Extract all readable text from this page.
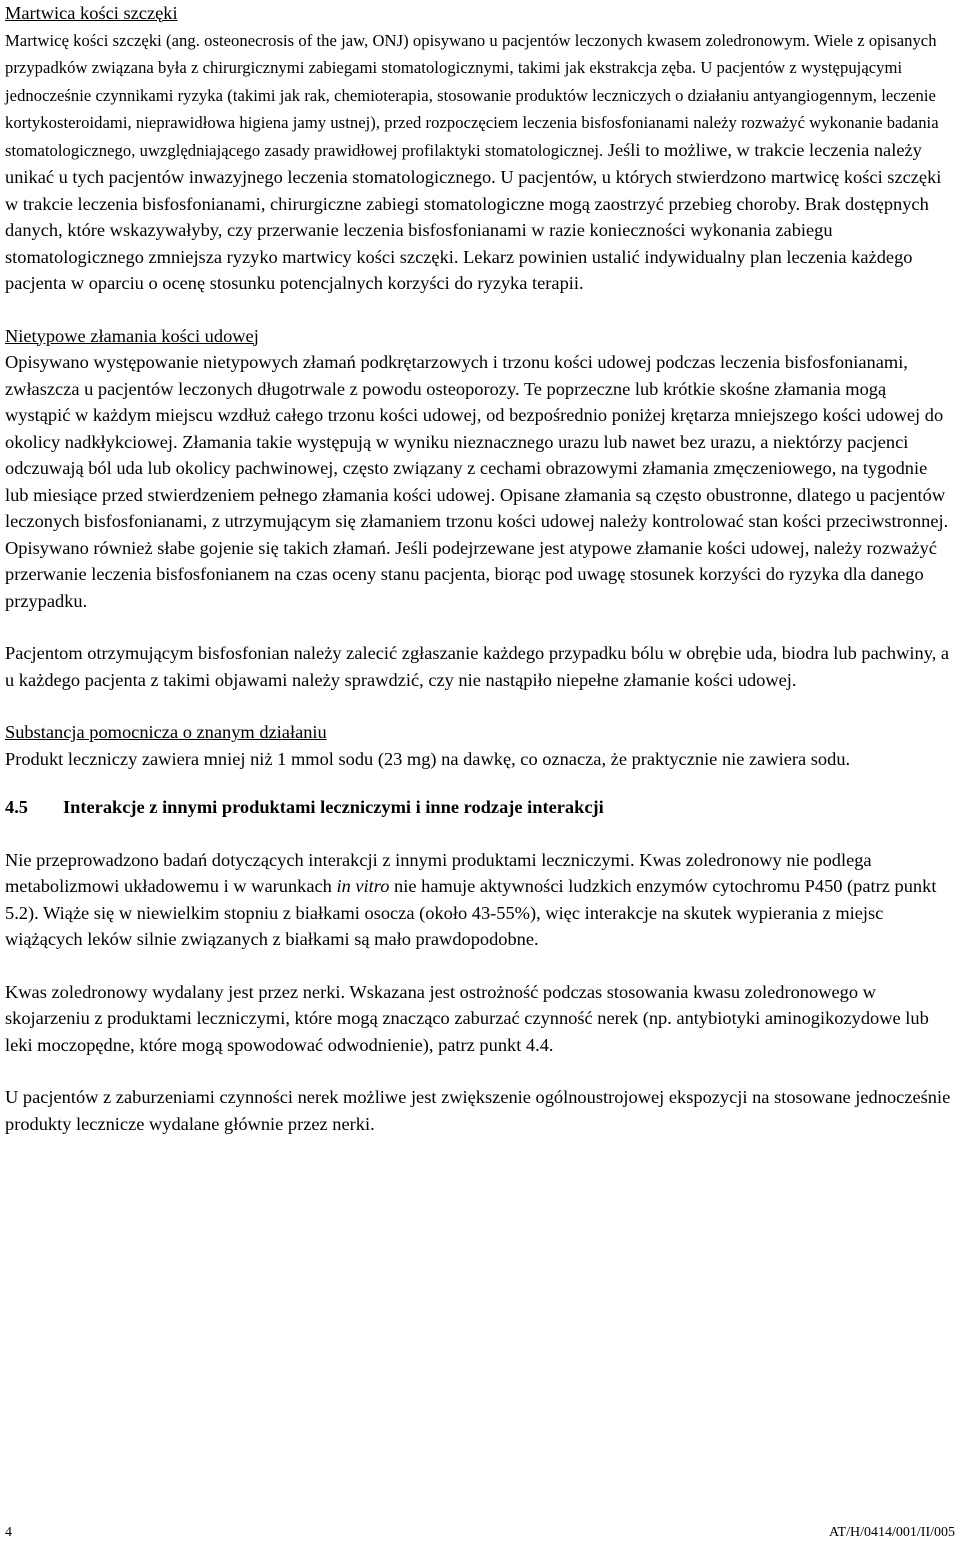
Martwica kości szczęki

Martwicę kości szczęki (ang. osteonecrosis of the jaw, ONJ) opisywano u pacjentów leczonych kwasem zoledronowym. Wiele z opisanych przypadków związana była z chirurgicznymi zabiegami stomatologicznymi, takimi jak ekstrakcja zęba. U pacjentów z występującymi jednocześnie czynnikami ryzyka (takimi jak rak, chemioterapia, stosowanie produktów leczniczych o działaniu antyangiogennym, leczenie kortykosteroidami, nieprawidłowa higiena jamy ustnej), przed rozpoczęciem leczenia bisfosfonianami należy rozważyć wykonanie badania stomatologicznego, uwzględniającego zasady prawidłowej profilaktyki stomatologicznej. Jeśli to możliwe, w trakcie leczenia należy unikać u tych pacjentów inwazyjnego leczenia stomatologicznego. U pacjentów, u których stwierdzono martwicę kości szczęki w trakcie leczenia bisfosfonianami, chirurgiczne zabiegi stomatologiczne mogą zaostrzyć przebieg choroby. Brak dostępnych danych, które wskazywałyby, czy przerwanie leczenia bisfosfonianami w razie konieczności wykonania zabiegu stomatologicznego zmniejsza ryzyko martwicy kości szczęki. Lekarz powinien ustalić indywidualny plan leczenia każdego pacjenta w oparciu o ocenę stosunku potencjalnych korzyści do ryzyka terapii.

Nietypowe złamania kości udowej

Opisywano występowanie nietypowych złamań podkrętarzowych i trzonu kości udowej podczas leczenia bisfosfonianami, zwłaszcza u pacjentów leczonych długotrwale z powodu osteoporozy. Te poprzeczne lub krótkie skośne złamania mogą wystąpić w każdym miejscu wzdłuż całego trzonu kości udowej, od bezpośrednio poniżej krętarza mniejszego kości udowej do okolicy nadkłykciowej. Złamania takie występują w wyniku nieznacznego urazu lub nawet bez urazu, a niektórzy pacjenci odczuwają ból uda lub okolicy pachwinowej, często związany z cechami obrazowymi złamania zmęczeniowego, na tygodnie lub miesiące przed stwierdzeniem pełnego złamania kości udowej. Opisane złamania są często obustronne, dlatego u pacjentów leczonych bisfosfonianami, z utrzymującym się złamaniem trzonu kości udowej należy kontrolować stan kości przeciwstronnej. Opisywano również słabe gojenie się takich złamań. Jeśli podejrzewane jest atypowe złamanie kości udowej, należy rozważyć przerwanie leczenia bisfosfonianem na czas oceny stanu pacjenta, biorąc pod uwagę stosunek korzyści do ryzyka dla danego przypadku.

Pacjentom otrzymującym bisfosfonian należy zalecić zgłaszanie każdego przypadku bólu w obrębie uda, biodra lub pachwiny, a u każdego pacjenta z takimi objawami należy sprawdzić, czy nie nastąpiło niepełne złamanie kości udowej.

Substancja pomocnicza o znanym działaniu

Produkt leczniczy zawiera mniej niż 1 mmol sodu (23 mg) na dawkę, co oznacza, że praktycznie nie zawiera sodu.

4.5	Interakcje z innymi produktami leczniczymi i inne rodzaje interakcji

Nie przeprowadzono badań dotyczących interakcji z innymi produktami leczniczymi. Kwas zoledronowy nie podlega metabolizmowi układowemu i w warunkach in vitro nie hamuje aktywności ludzkich enzymów cytochromu P450 (patrz punkt 5.2). Wiąże się w niewielkim stopniu z białkami osocza (około 43-55%), więc interakcje na skutek wypierania z miejsc wiążących leków silnie związanych z białkami są mało prawdopodobne.

Kwas zoledronowy wydalany jest przez nerki. Wskazana jest ostrożność podczas stosowania kwasu zoledronowego w skojarzeniu z produktami leczniczymi, które mogą znacząco zaburzać czynność nerek (np. antybiotyki aminogikozydowe lub leki moczopędne, które mogą spowodować odwodnienie), patrz punkt 4.4.

U pacjentów z zaburzeniami czynności nerek możliwe jest zwiększenie ogólnoustrojowej ekspozycji na stosowane jednocześnie produkty lecznicze wydalane głównie przez nerki.

4	AT/H/0414/001/II/005
